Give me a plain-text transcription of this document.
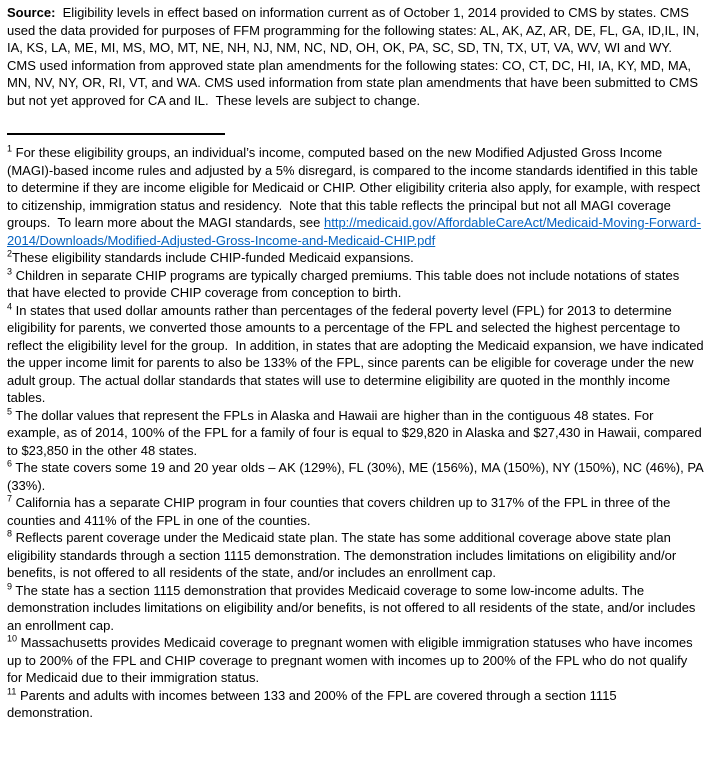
Source:  Eligibility levels in effect based on information current as of October 1, 2014 provided to CMS by states. CMS used the data provided for purposes of FFM programming for the following states: AL, AK, AZ, AR, DE, FL, GA, ID,IL, IN, IA, KS, LA, ME, MI, MS, MO, MT, NE, NH, NJ, NM, NC, ND, OH, OK, PA, SC, SD, TN, TX, UT, VA, WV, WI and WY.  CMS used information from approved state plan amendments for the following states: CO, CT, DC, HI, IA, KY, MD, MA, MN, NV, NY, OR, RI, VT, and WA. CMS used information from state plan amendments that have been submitted to CMS but not yet approved for CA and IL.  These levels are subject to change.

$^1$ For these eligibility groups, an individual’s income, computed based on the new Modified Adjusted Gross Income (MAGI)-based income rules and adjusted by a 5% disregard, is compared to the income standards identified in this table to determine if they are income eligible for Medicaid or CHIP. Other eligibility criteria also apply, for example, with respect to citizenship, immigration status and residency.  Note that this table reflects the principal but not all MAGI coverage groups.  To learn more about the MAGI standards, see http://medicaid.gov/AffordableCareAct/Medicaid-Moving-Forward-2014/Downloads/Modified-Adjusted-Gross-Income-and-Medicaid-CHIP.pdf

$^2$These eligibility standards include CHIP-funded Medicaid expansions.

$^3$ Children in separate CHIP programs are typically charged premiums. This table does not include notations of states that have elected to provide CHIP coverage from conception to birth.

$^4$ In states that used dollar amounts rather than percentages of the federal poverty level (FPL) for 2013 to determine eligibility for parents, we converted those amounts to a percentage of the FPL and selected the highest percentage to reflect the eligibility level for the group.  In addition, in states that are adopting the Medicaid expansion, we have indicated the upper income limit for parents to also be 133% of the FPL, since parents can be eligible for coverage under the new adult group. The actual dollar standards that states will use to determine eligibility are quoted in the monthly income tables.

$^5$ The dollar values that represent the FPLs in Alaska and Hawaii are higher than in the contiguous 48 states. For example, as of 2014, 100% of the FPL for a family of four is equal to $29,820 in Alaska and $27,430 in Hawaii, compared to $23,850 in the other 48 states.

$^6$ The state covers some 19 and 20 year olds – AK (129%), FL (30%), ME (156%), MA (150%), NY (150%), NC (46%), PA (33%).

$^7$ California has a separate CHIP program in four counties that covers children up to 317% of the FPL in three of the counties and 411% of the FPL in one of the counties.

$^8$ Reflects parent coverage under the Medicaid state plan. The state has some additional coverage above state plan eligibility standards through a section 1115 demonstration. The demonstration includes limitations on eligibility and/or benefits, is not offered to all residents of the state, and/or includes an enrollment cap.

$^9$ The state has a section 1115 demonstration that provides Medicaid coverage to some low-income adults. The demonstration includes limitations on eligibility and/or benefits, is not offered to all residents of the state, and/or includes an enrollment cap.

$^{10}$ Massachusetts provides Medicaid coverage to pregnant women with eligible immigration statuses who have incomes up to 200% of the FPL and CHIP coverage to pregnant women with incomes up to 200% of the FPL who do not qualify for Medicaid due to their immigration status.

$^{11}$ Parents and adults with incomes between 133 and 200% of the FPL are covered through a section 1115 demonstration.
